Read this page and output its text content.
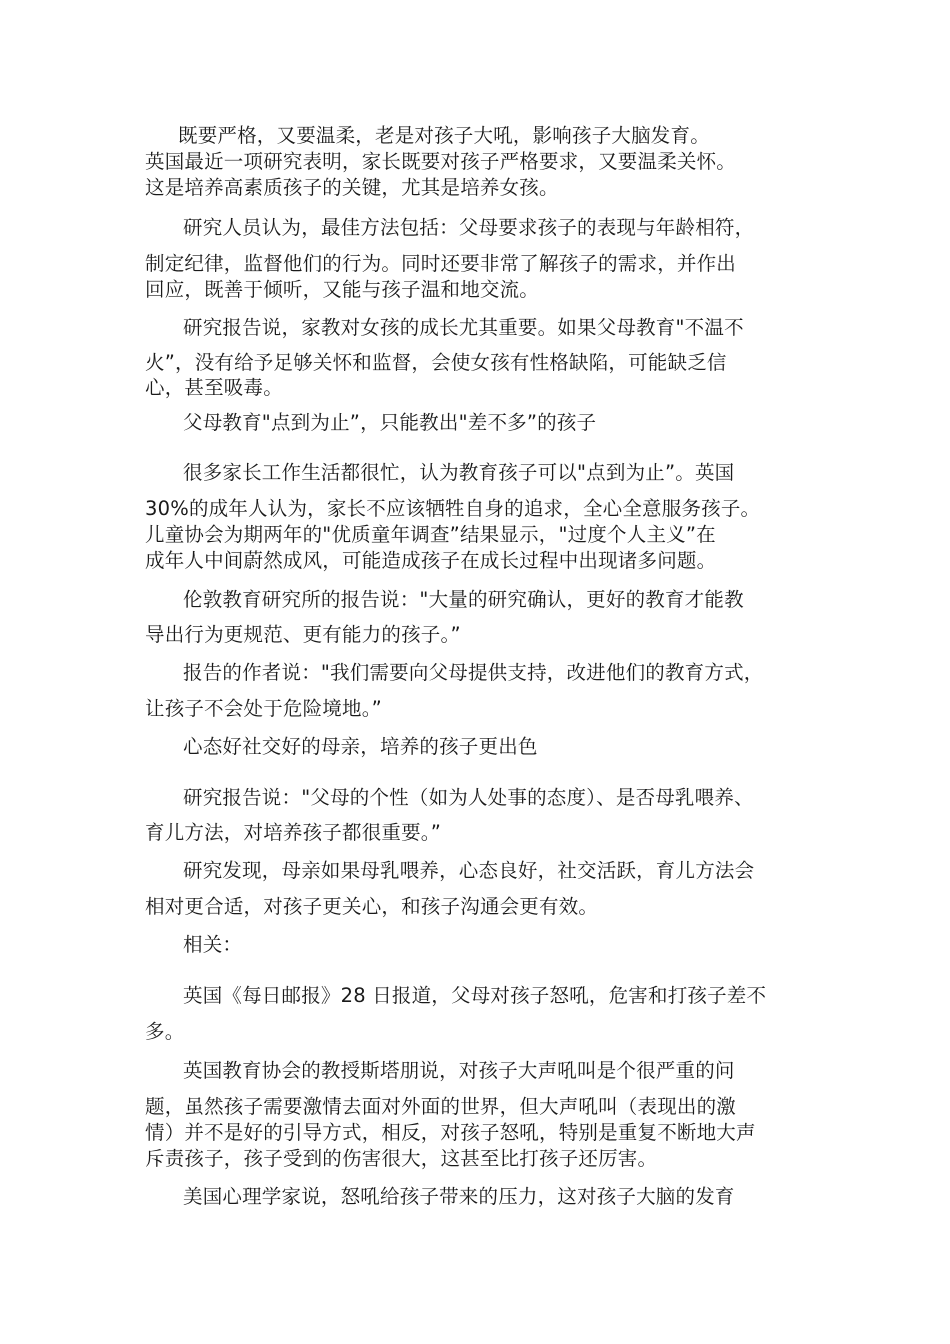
既要严格，又要温柔，老是对孩子大吼，影响孩子大脑发育。
英国最近一项研究表明，家长既要对孩子严格要求，又要温柔关怀。
这是培养高素质孩子的关键，尤其是培养女孩。
研究人员认为，最佳方法包括：父母要求孩子的表现与年龄相符，
制定纪律，监督他们的行为。同时还要非常了解孩子的需求，并作出
回应，既善于倾听，又能与孩子温和地交流。
研究报告说，家教对女孩的成长尤其重要。如果父母教育"不温不
火”，没有给予足够关怀和监督，会使女孩有性格缺陷，可能缺乏信
心，甚至吸毒。
父母教育"点到为止”，只能教出"差不多”的孩子
很多家长工作生活都很忙，认为教育孩子可以"点到为止”。英国
30%的成年人认为，家长不应该牺牲自身的追求，全心全意服务孩子。
儿童协会为期两年的"优质童年调查”结果显示，"过度个人主义”在
成年人中间蔚然成风，可能造成孩子在成长过程中出现诸多问题。
伦敦教育研究所的报告说："大量的研究确认，更好的教育才能教
导出行为更规范、更有能力的孩子。”
报告的作者说："我们需要向父母提供支持，改进他们的教育方式，
让孩子不会处于危险境地。”
心态好社交好的母亲，培养的孩子更出色
研究报告说："父母的个性（如为人处事的态度）、是否母乳喂养、
育儿方法，对培养孩子都很重要。”
研究发现，母亲如果母乳喂养，心态良好，社交活跃，育儿方法会
相对更合适，对孩子更关心，和孩子沟通会更有效。
相关：
英国《每日邮报》28 日报道，父母对孩子怒吼，危害和打孩子差不
多。
英国教育协会的教授斯塔朋说，对孩子大声吼叫是个很严重的问
题，虽然孩子需要激情去面对外面的世界，但大声吼叫（表现出的激
情）并不是好的引导方式，相反，对孩子怒吼，特别是重复不断地大声
斥责孩子，孩子受到的伤害很大，这甚至比打孩子还厉害。
美国心理学家说，怒吼给孩子带来的压力，这对孩子大脑的发育
